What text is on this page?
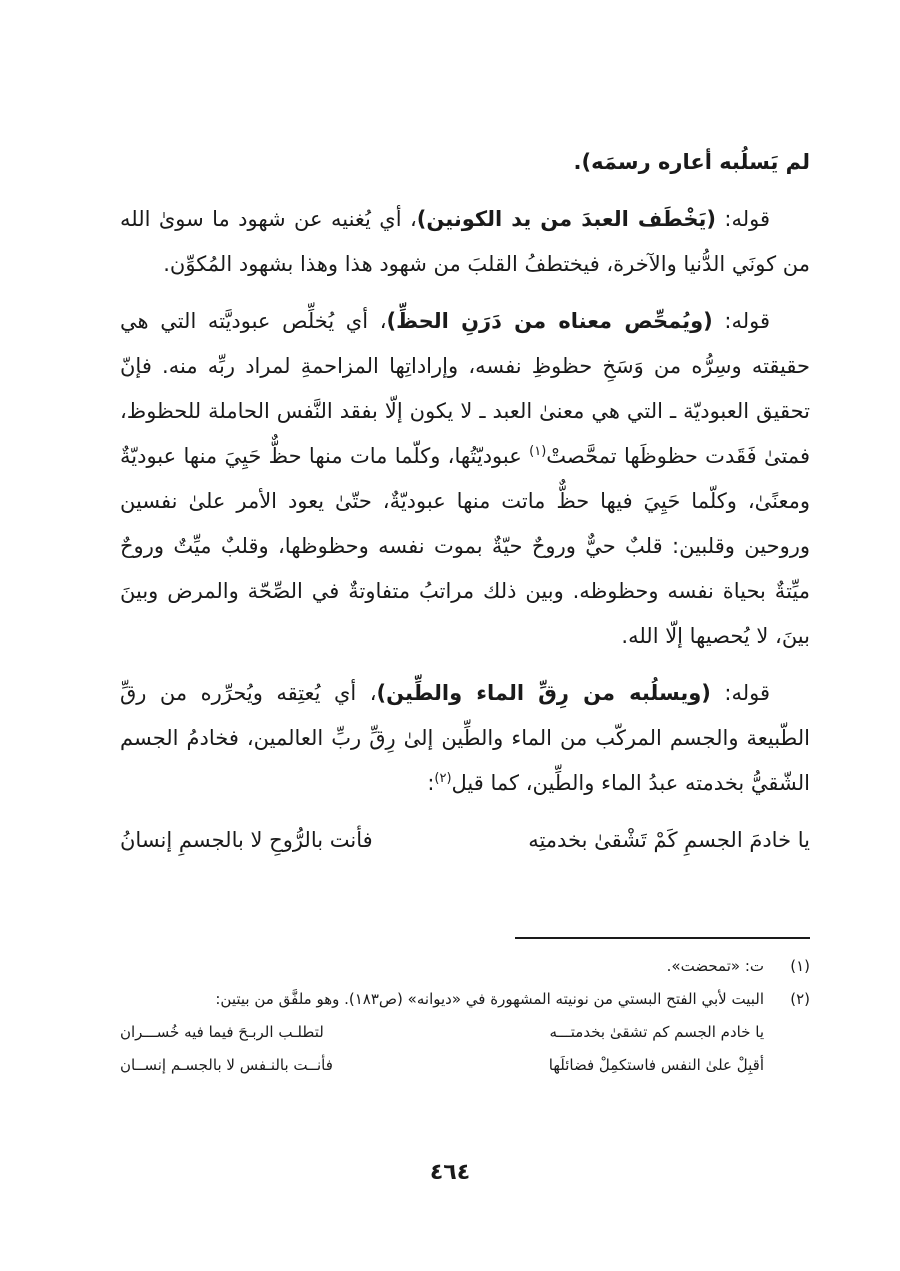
لم يَسلُبه أعاره رسمَه).

قوله: (يَخْطَف العبدَ من يد الكونين)، أي يُغنيه عن شهود ما سوىٰ الله من كونَي الدُّنيا والآخرة، فيختطفُ القلبَ من شهود هذا وهذا بشهود المُكوِّن.

قوله: (ويُمحِّص معناه من دَرَنِ الحظِّ)، أي يُخلِّص عبوديَّته التي هي حقيقته وسِرُّه من وَسَخِ حظوظِ نفسه، وإراداتِها المزاحمةِ لمراد ربِّه منه. فإنّ تحقيق العبوديّة ـ التي هي معنىٰ العبد ـ لا يكون إلّا بفقد النَّفس الحاملة للحظوظ، فمتىٰ فَقَدت حظوظَها تمحَّصتْ$^{(١)}$ عبوديّتُها، وكلّما مات منها حظٌّ حَيِيَ منها عبوديّةٌ ومعنًىٰ، وكلّما حَيِيَ فيها حظٌّ ماتت منها عبوديّةٌ، حتّىٰ يعود الأمر علىٰ نفسين وروحين وقلبين: قلبٌ حيٌّ وروحٌ حيّةٌ بموت نفسه وحظوظها، وقلبٌ ميِّتٌ وروحٌ ميِّتةٌ بحياة نفسه وحظوظه. وبين ذلك مراتبُ متفاوتةٌ في الصِّحّة والمرض وبينَ بينَ، لا يُحصيها إلّا الله.

قوله: (ويسلُبه من رِقِّ الماء والطِّين)، أي يُعتِقه ويُحرِّره من رقِّ الطّبيعة والجسم المركّب من الماء والطِّين إلىٰ رِقِّ ربِّ العالمين، فخادمُ الجسم الشّقيُّ بخدمته عبدُ الماء والطِّين، كما قيل$^{(٢)}$:

يا خادمَ الجسمِ كَمْ تَشْقىٰ بخدمتِه
فأنت بالرُّوحِ لا بالجسمِ إنسانُ
(١)
ت: «تمحضت».
(٢)
البيت لأبي الفتح البستي من نونيته المشهورة في «ديوانه» (ص١٨٣). وهو ملفَّق من بيتين:
يا خادم الجسم كم تشقىٰ بخدمتـــه
لتطلـب الربـحَ فيما فيه خُســـران
أقبِلْ علىٰ النفس فاستكمِلْ فضائلَها
فأنــت بالنـفس لا بالجسـم إنســان
٤٦٤
